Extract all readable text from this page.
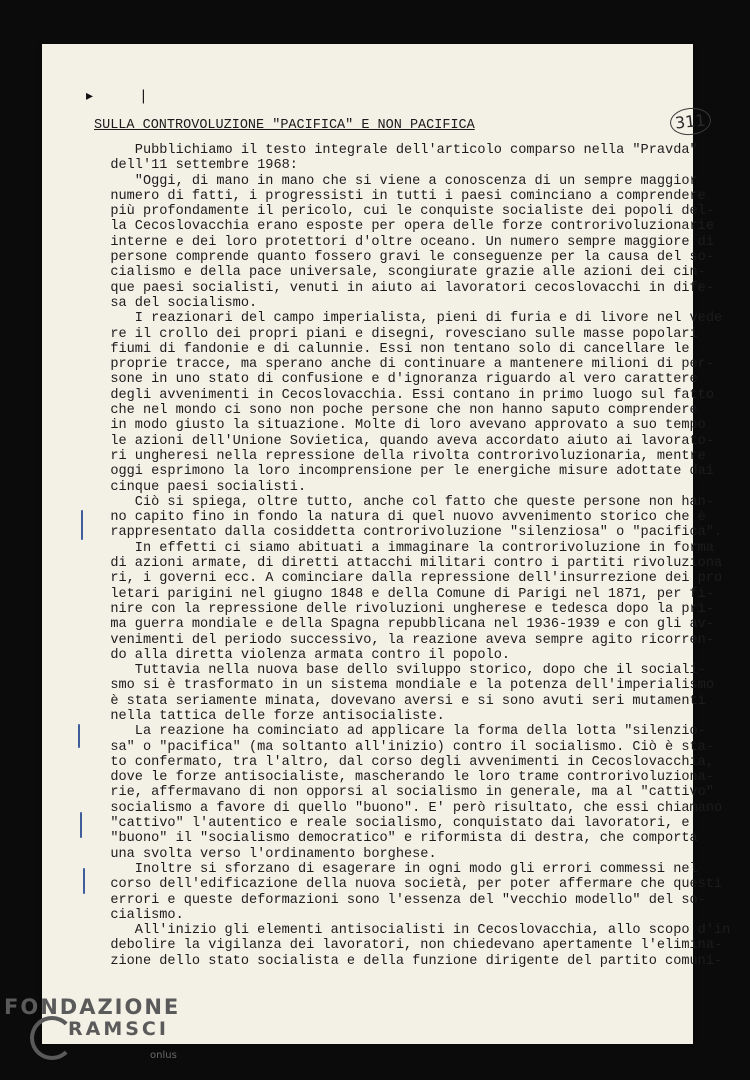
311
▸ ❘
SULLA CONTROVOLUZIONE "PACIFICA" E NON PACIFICA
Pubblichiamo il testo integrale dell'articolo comparso nella "Pravda"
dell'11 settembre 1968:
"Oggi, di mano in mano che si viene a conoscenza di un sempre maggior
numero di fatti, i progressisti in tutti i paesi cominciano a comprendere
più profondamente il pericolo, cui le conquiste socialiste dei popoli del-
la Cecoslovacchia erano esposte per opera delle forze controrivoluzionarie
interne e dei loro protettori d'oltre oceano. Un numero sempre maggiore di
persone comprende quanto fossero gravi le conseguenze per la causa del so-
cialismo e della pace universale, scongiurate grazie alle azioni dei cin-
que paesi socialisti, venuti in aiuto ai lavoratori cecoslovacchi in dife-
sa del socialismo.
I reazionari del campo imperialista, pieni di furia e di livore nel vede
re il crollo dei propri piani e disegni, rovesciano sulle masse popolari
fiumi di fandonie e di calunnie. Essi non tentano solo di cancellare le
proprie tracce, ma sperano anche di continuare a mantenere milioni di per-
sone in uno stato di confusione e d'ignoranza riguardo al vero carattere
degli avvenimenti in Cecoslovacchia. Essi contano in primo luogo sul fatto
che nel mondo ci sono non poche persone che non hanno saputo comprendere
in modo giusto la situazione. Molte di loro avevano approvato a suo tempo
le azioni dell'Unione Sovietica, quando aveva accordato aiuto ai lavorato-
ri ungheresi nella repressione della rivolta controrivoluzionaria, mentre
oggi esprimono la loro incomprensione per le energiche misure adottate dai
cinque paesi socialisti.
Ciò si spiega, oltre tutto, anche col fatto che queste persone non han-
no capito fino in fondo la natura di quel nuovo avvenimento storico che è
rappresentato dalla cosiddetta controrivoluzione "silenziosa" o "pacifica".
In effetti ci siamo abituati a immaginare la controrivoluzione in forma
di azioni armate, di diretti attacchi militari contro i partiti rivoluziona
ri, i governi ecc. A cominciare dalla repressione dell'insurrezione dei pro
letari parigini nel giugno 1848 e della Comune di Parigi nel 1871, per fi-
nire con la repressione delle rivoluzioni ungherese e tedesca dopo la pri-
ma guerra mondiale e della Spagna repubblicana nel 1936-1939 e con gli av-
venimenti del periodo successivo, la reazione aveva sempre agito ricorren-
do alla diretta violenza armata contro il popolo.
Tuttavia nella nuova base dello sviluppo storico, dopo che il sociali-
smo si è trasformato in un sistema mondiale e la potenza dell'imperialismo
è stata seriamente minata, dovevano aversi e si sono avuti seri mutamenti
nella tattica delle forze antisocialiste.
La reazione ha cominciato ad applicare la forma della lotta "silenzio-
sa" o "pacifica" (ma soltanto all'inizio) contro il socialismo. Ciò è sta-
to confermato, tra l'altro, dal corso degli avvenimenti in Cecoslovacchia,
dove le forze antisocialiste, mascherando le loro trame controrivoluziona-
rie, affermavano di non opporsi al socialismo in generale, ma al "cattivo"
socialismo a favore di quello "buono". E' però risultato, che essi chiamano
"cattivo" l'autentico e reale socialismo, conquistato dai lavoratori, e
"buono" il "socialismo democratico" e riformista di destra, che comporta
una svolta verso l'ordinamento borghese.
Inoltre si sforzano di esagerare in ogni modo gli errori commessi nel
corso dell'edificazione della nuova società, per poter affermare che questi
errori e queste deformazioni sono l'essenza del "vecchio modello" del so-
cialismo.
All'inizio gli elementi antisocialisti in Cecoslovacchia, allo scopo d'in
debolire la vigilanza dei lavoratori, non chiedevano apertamente l'elimina-
zione dello stato socialista e della funzione dirigente del partito comuni-
FONDAZIONE
RAMSCI
onlus
